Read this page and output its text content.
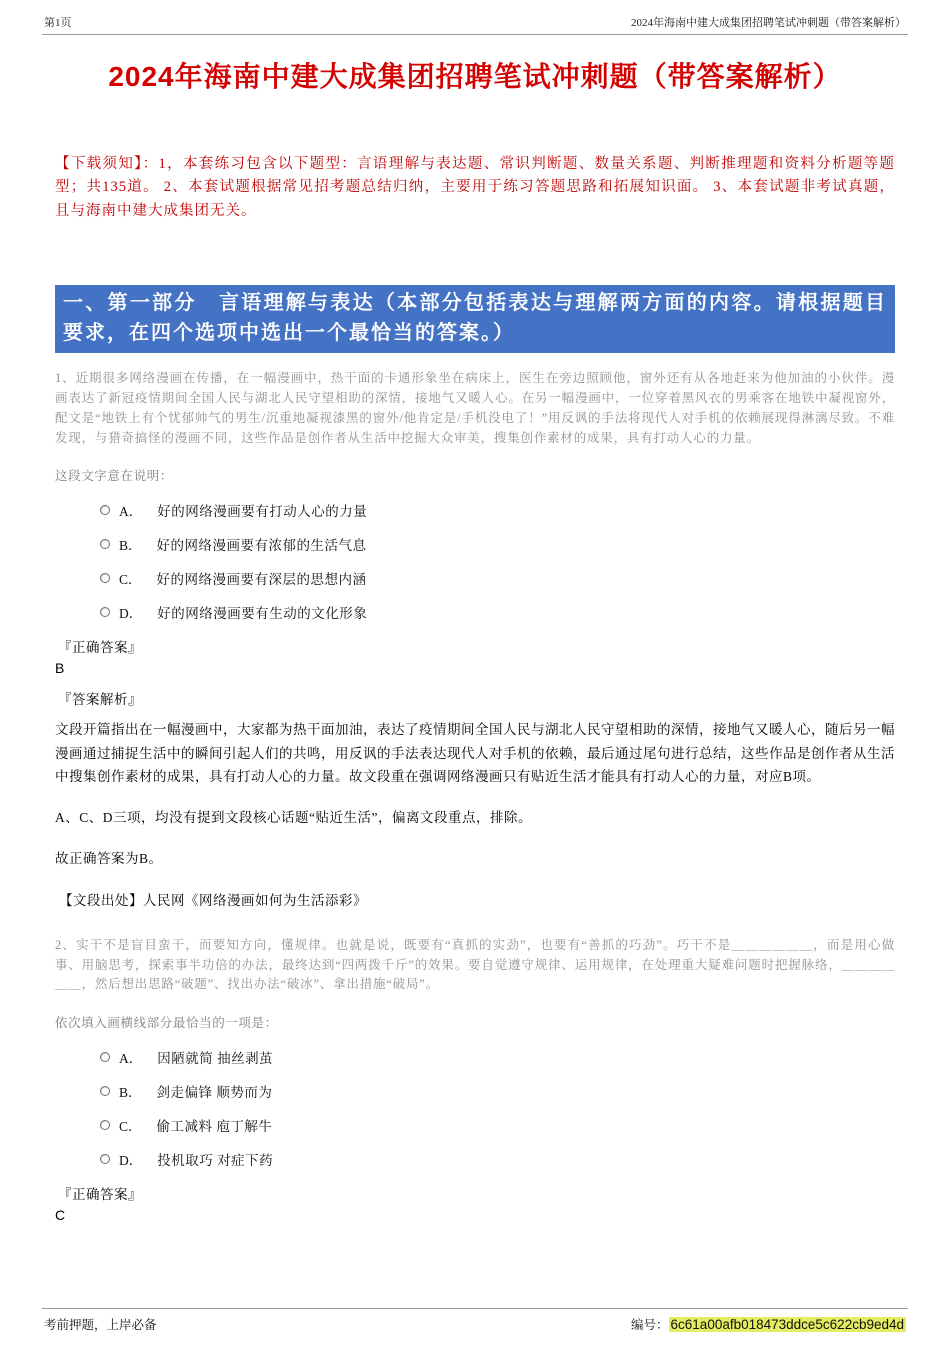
第1页	2024年海南中建大成集团招聘笔试冲刺题（带答案解析）
2024年海南中建大成集团招聘笔试冲刺题（带答案解析）

【下载须知】：1，本套练习包含以下题型：言语理解与表达题、常识判断题、数量关系题、判断推理题和资料分析题等题型；共135道。 2、本套试题根据常见招考题总结归纳，主要用于练习答题思路和拓展知识面。 3、本套试题非考试真题，且与海南中建大成集团无关。

一、第一部分　言语理解与表达（本部分包括表达与理解两方面的内容。请根据题目要求，在四个选项中选出一个最恰当的答案。）

1、近期很多网络漫画在传播，在一幅漫画中，热干面的卡通形象坐在病床上，医生在旁边照顾他，窗外还有从各地赶来为他加油的小伙伴。漫画表达了新冠疫情期间全国人民与湖北人民守望相助的深情，接地气又暖人心。在另一幅漫画中，一位穿着黑风衣的男乘客在地铁中凝视窗外，配文是“地铁上有个忧郁帅气的男生/沉重地凝视漆黑的窗外/他肯定是/手机没电了！”用反讽的手法将现代人对手机的依赖展现得淋漓尽致。不难发现，与猎奇搞怪的漫画不同，这些作品是创作者从生活中挖掘大众审美，搜集创作素材的成果，具有打动人心的力量。

这段文字意在说明：

A． 好的网络漫画要有打动人心的力量
B． 好的网络漫画要有浓郁的生活气息
C． 好的网络漫画要有深层的思想内涵
D． 好的网络漫画要有生动的文化形象

『正确答案』

B

『答案解析』

文段开篇指出在一幅漫画中，大家都为热干面加油，表达了疫情期间全国人民与湖北人民守望相助的深情，接地气又暖人心，随后另一幅漫画通过捕捉生活中的瞬间引起人们的共鸣，用反讽的手法表达现代人对手机的依赖，最后通过尾句进行总结，这些作品是创作者从生活中搜集创作素材的成果，具有打动人心的力量。故文段重在强调网络漫画只有贴近生活才能具有打动人心的力量，对应B项。

A、C、D三项，均没有提到文段核心话题“贴近生活”，偏离文段重点，排除。

故正确答案为B。

【文段出处】人民网《网络漫画如何为生活添彩》

2、实干不是盲目蛮干，而要知方向，懂规律。也就是说，既要有“真抓的实劲”，也要有“善抓的巧劲”。巧干不是＿＿＿＿＿＿，而是用心做事、用脑思考，探索事半功倍的办法，最终达到“四两拨千斤”的效果。要自觉遵守规律、运用规律，在处理重大疑难问题时把握脉络，＿＿＿＿＿＿，然后想出思路“破题”、找出办法“破冰”、拿出措施“破局”。

依次填入画横线部分最恰当的一项是：

A． 因陋就简 抽丝剥茧
B． 剑走偏锋 顺势而为
C． 偷工减料 庖丁解牛
D． 投机取巧 对症下药

『正确答案』

C

考前押题，上岸必备	编号： 6c61a00afb018473ddce5c622cb9ed4d
